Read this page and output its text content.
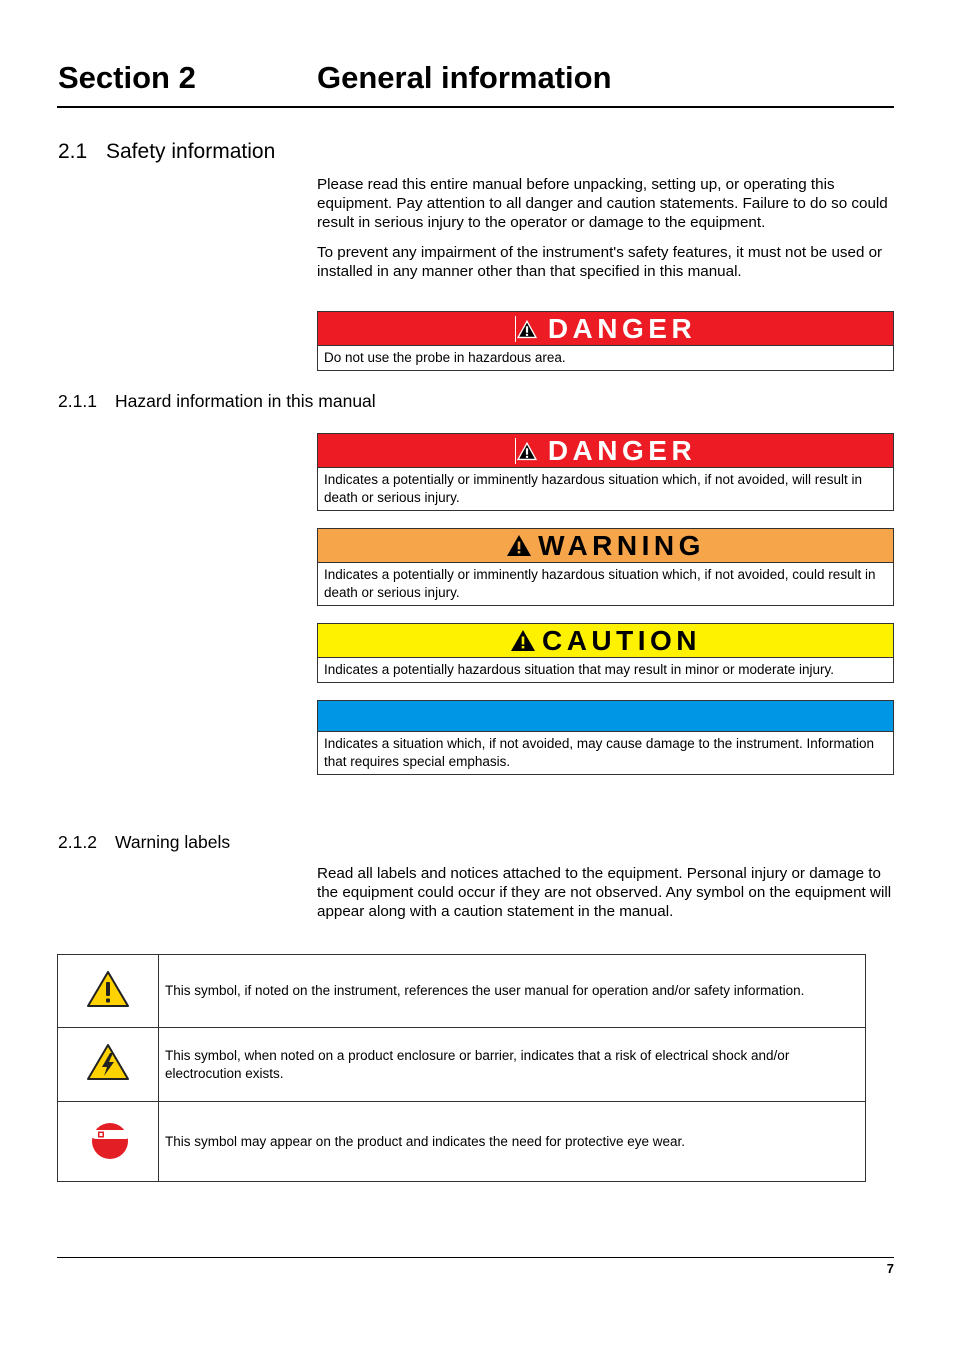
Section 2	General information
2.1 Safety information

Please read this entire manual before unpacking, setting up, or operating this equipment. Pay attention to all danger and caution statements. Failure to do so could result in serious injury to the operator or damage to the equipment.

To prevent any impairment of the instrument's safety features, it must not be used or installed in any manner other than that specified in this manual.

DANGER
Do not use the probe in hazardous area.
2.1.1 Hazard information in this manual
DANGER
Indicates a potentially or imminently hazardous situation which, if not avoided, will result in death or serious injury.
WARNING
Indicates a potentially or imminently hazardous situation which, if not avoided, could result in death or serious injury.
CAUTION
Indicates a potentially hazardous situation that may result in minor or moderate injury.
Indicates a situation which, if not avoided, may cause damage to the instrument. Information that requires special emphasis.
2.1.2 Warning labels

Read all labels and notices attached to the equipment. Personal injury or damage to the equipment could occur if they are not observed. Any symbol on the equipment will appear along with a caution statement in the manual.

	This symbol, if noted on the instrument, references the user manual for operation and/or safety information.
	This symbol, when noted on a product enclosure or barrier, indicates that a risk of electrical shock and/or electrocution exists.
	This symbol may appear on the product and indicates the need for protective eye wear.
7
